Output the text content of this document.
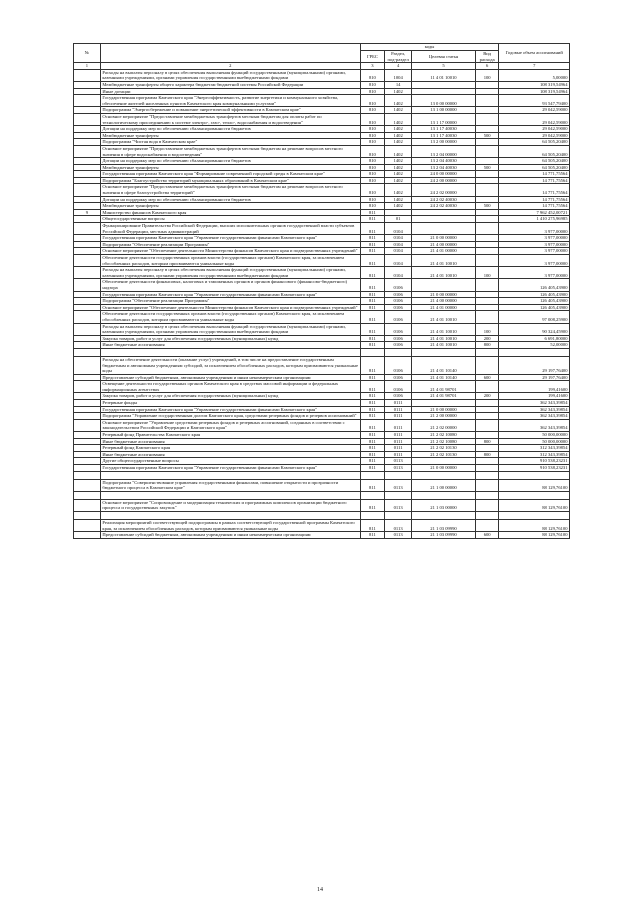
№		коды				Годовые объем ассигнований
		ГРБС	Раздел, под-раздел	Целевая статья	Вид расхода	
1	2	3	4	5	6	7
	Расходы на выплаты персоналу в целях обеспечения выполнения функций государственными (муниципальными) органами, казенными учреждениями, органами управления государственными внебюджетными фондами	810	1004	11 4 01 10010	100	5,00000
	Межбюджетные трансферты общего характера бюджетам бюджетной системы Российской Федерации	810	14			108 319,54964
	Иные дотации	810	1402			108 319,54964
	Государственная программа Камчатского края "Энергоэффективность, развитие энергетики и коммунального хозяйства, обеспечение жителей населенных пунктов Камчатского края коммунальными услугами"	810	1402	13 0 00 00000		93 547,79400
	Подпрограмма "Энергосбережение и повышение энергетической эффективности в Камчатском крае"	810	1402	13 1 00 00000		29 042,59000
	Основное мероприятие "Предоставление межбюджетных трансфертов местным бюджетам для оплаты работ по технологическому присоединению к системе электро-, газо-, тепло-, водоснабжения и водоотведения"	810	1402	13 1 17 00000		29 042,59000
	Дотации на поддержку мер по обеспечению сбалансированности бюджетов	810	1402	13 1 17 40030		29 042,59000
	Межбюджетные трансферты	810	1402	13 1 17 40030	500	29 042,59000
	Подпрограмма "Чистая вода в Камчатском крае"	810	1402	13 2 00 00000		64 505,20400
	Основное мероприятие "Предоставление межбюджетных трансфертов местным бюджетам на решение вопросов местного значения в сфере водоснабжения и водоотведения"	810	1402	13 2 04 00000		64 505,20400
	Дотации на поддержку мер по обеспечению сбалансированности бюджетов	810	1402	13 2 04 40030		64 505,20400
	Межбюджетные трансферты	810	1402	13 2 04 40030	500	64 505,20400
	Государственная программа Камчатского края "Формирование современной городской среды в Камчатском крае"	810	1402	24 0 00 00000		14 771,75564
	Подпрограмма "Благоустройство территорий муниципальных образований в Камчатском крае"	810	1402	24 2 00 00000		14 771,75564
	Основное мероприятие "Предоставление межбюджетных трансфертов местным бюджетам на решение вопросов местного значения в сфере благоустройства территорий"	810	1402	24 2 02 00000		14 771,75564
	Дотации на поддержку мер по обеспечению сбалансированности бюджетов	810	1402	24 2 02 40030		14 771,75564
	Межбюджетные трансферты	810	1402	24 2 02 40030	500	14 771,75564
9	Министерство финансов Камчатского края	811				7 962 452,00721
	Общегосударственные вопросы	811	01			1 410 275,96985
	Функционирование Правительства Российской Федерации, высших исполнительных органов государственной власти субъектов Российской Федерации, местных администраций	811	0104			3 977,00000
	Государственная программа Камчатского края "Управление государственными финансами Камчатского края"	811	0104	21 0 00 00000		3 977,00000
	Подпрограмма "Обеспечение реализации Программы"	811	0104	21 4 00 00000		3 977,00000
	Основное мероприятие "Обеспечение деятельности Министерства финансов Камчатского края и подведомственных учреждений"	811	0104	21 4 01 00000		3 977,00000
	Обеспечение деятельности государственных органов власти (государственных органов) Камчатского края, за исключением обособленных расходов, которым присваиваются уникальные коды	811	0104	21 4 01 10010		3 977,00000
	Расходы на выплаты персоналу в целях обеспечения выполнения функций государственными (муниципальными) органами, казенными учреждениями, органами управления государственными внебюджетными фондами	811	0104	21 4 01 10010	100	3 977,00000
	Обеспечение деятельности финансовых, налоговых и таможенных органов и органов финансового (финансово-бюджетного) надзора	811	0106			126 405,43900
	Государственная программа Камчатского края "Управление государственными финансами Камчатского края"	811	0106	21 0 00 00000		126 405,43900
	Подпрограмма "Обеспечение реализации Программы"	811	0106	21 4 00 00000		126 405,43900
	Основное мероприятие "Обеспечение деятельности Министерства финансов Камчатского края и подведомственных учреждений"	811	0106	21 4 01 00000		126 405,43900
	Обеспечение деятельности государственных органов власти (государственных органов) Камчатского края, за исключением обособленных расходов, которым присваиваются уникальные коды	811	0106	21 4 01 10010		97 008,25900
	Расходы на выплаты персоналу в целях обеспечения выполнения функций государственными (муниципальными) органами, казенными учреждениями, органами управления государственными внебюджетными фондами	811	0106	21 4 01 10010	100	90 324,45900
	Закупка товаров, работ и услуг для обеспечения государственных (муниципальных) нужд	811	0106	21 4 01 10010	200	6 691,80000
	Иные бюджетные ассигнования	811	0106	21 4 01 10010	800	52,00000

	Расходы на обеспечение деятельности (оказание услуг) учреждений, в том числе на предоставление государственным бюджетным и автономным учреждениям субсидий, за исключением обособленных расходов, которым присваиваются уникальные коды	811	0106	21 4 01 10140		29 197,76400
	Предоставление субсидий бюджетным, автономным учреждениям и иным некоммерческим организациям	811	0106	21 4 01 10140	600	29 197,76400
	Освещение деятельности государственных органов Камчатского края в средствах массовой информации и федеральных информационных агентствах	811	0106	21 4 01 98701		199,41600
	Закупка товаров, работ и услуг для обеспечения государственных (муниципальных) нужд	811	0106	21 4 01 98701	200	199,41600
	Резервные фонды	811	0111			362 343,39854
	Государственная программа Камчатского края "Управление государственными финансами Камчатского края"	811	0111	21 0 00 00000		362 343,39854
	Подпрограмма "Управление государственным долгом Камчатского края, средствами резервных фондов и резервов ассигнований"	811	0111	21 2 00 00000		362 343,39854
	Основное мероприятие "Управление средствами резервных фондов и резервных ассигнований, созданных в соответствии с законодательством Российской Федерации и Камчатского края"	811	0111	21 2 02 00000		362 343,39854
	Резервный фонд Правительства Камчатского края	811	0111	21 2 02 10080		50 000,00000
	Иные бюджетные ассигнования	811	0111	21 2 02 10080	800	50 000,00000
	Резервный фонд Камчатского края	811	0111	21 2 02 10130		312 343,39854
	Иные бюджетные ассигнования	811	0111	21 2 02 10130	800	312 343,39854
	Другие общегосударственные вопросы	811	0113			910 538,23231
	Государственная программа Камчатского края "Управление государственными финансами Камчатского края"	811	0113	21 0 00 00000		910 538,23231

	Подпрограмма "Совершенствование управления государственными финансами, повышение открытости и прозрачности бюджетного процесса в Камчатском крае"	811	0113	21 1 00 00000		88 129,76100

	Основное мероприятие "Сопровождение и модернизация технических и программных комплексов организации бюджетного процесса и государственных закупок"	811	0113	21 1 03 00000		88 129,76100

	Реализация мероприятий соответствующей подпрограммы в рамках соответствующей государственной программы Камчатского края, за исключением обособленных расходов, которым присваиваются уникальные коды	811	0113	21 1 03 09990		88 129,76100
	Предоставление субсидий бюджетным, автономным учреждениям и иным некоммерческим организациям	811	0113	21 1 03 09990	600	88 129,76100
14
